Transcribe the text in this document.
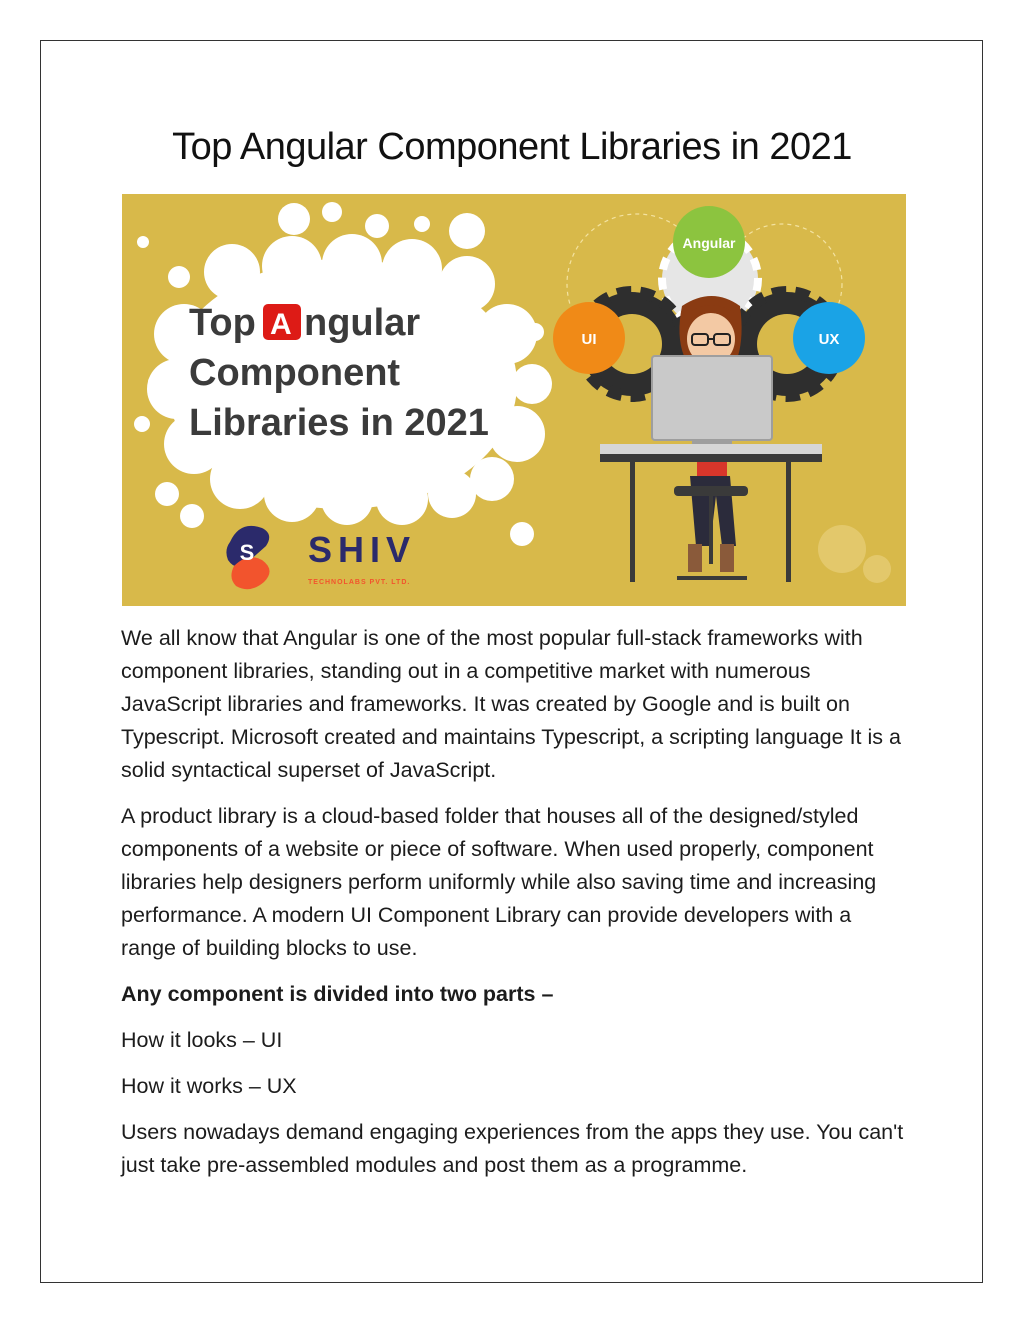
Top Angular Component Libraries in 2021
Top A ngular
Component
Libraries in 2021
S SHIV
TECHNOLABS PVT. LTD.
Angular
UI	UX

We all know that Angular is one of the most popular full-stack frameworks with component libraries, standing out in a competitive market with numerous JavaScript libraries and frameworks. It was created by Google and is built on Typescript. Microsoft created and maintains Typescript, a scripting language It is a solid syntactical superset of JavaScript.

A product library is a cloud-based folder that houses all of the designed/styled components of a website or piece of software. When used properly, component libraries help designers perform uniformly while also saving time and increasing performance. A modern UI Component Library can provide developers with a range of building blocks to use.

Any component is divided into two parts –

How it looks – UI

How it works – UX

Users nowadays demand engaging experiences from the apps they use. You can't just take pre-assembled modules and post them as a programme.
